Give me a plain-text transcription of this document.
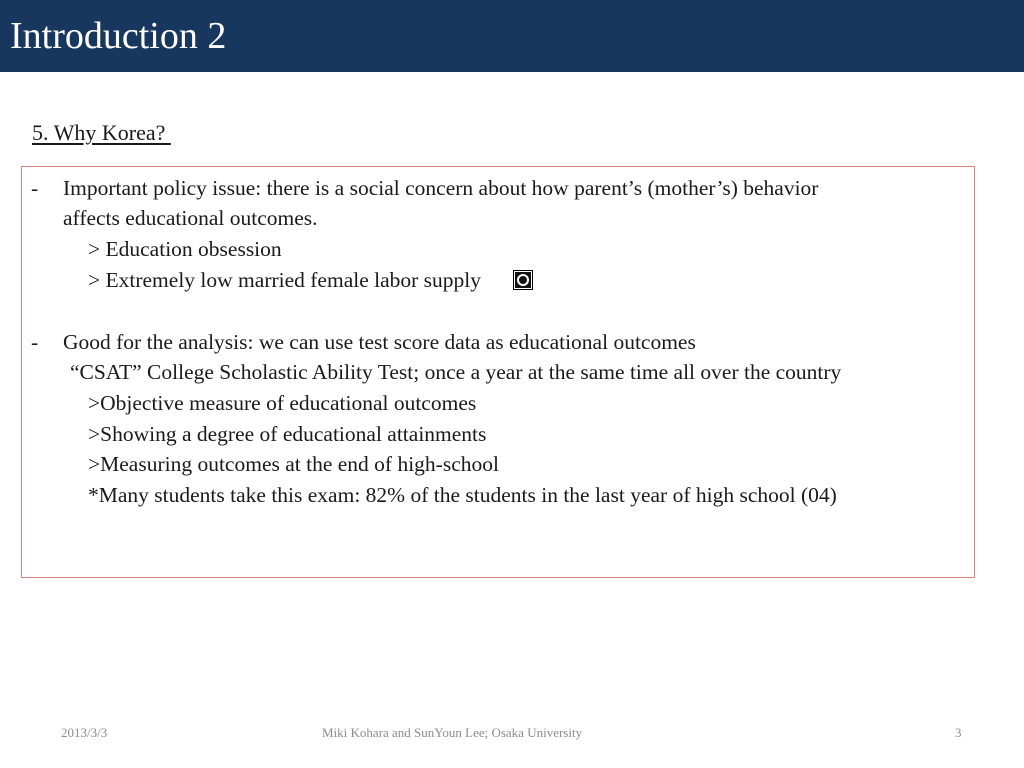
Introduction 2
5. Why Korea?
- Important policy issue: there is a social concern about how parent’s (mother’s) behavior
affects educational outcomes.
> Education obsession
> Extremely low married female labor supply
- Good for the analysis: we can use test score data as educational outcomes
“CSAT” College Scholastic Ability Test; once a year at the same time all over the country
>Objective measure of educational outcomes
>Showing a degree of educational attainments
>Measuring outcomes at the end of high-school
*Many students take this exam: 82% of the students in the last year of high school (04)
2013/3/3	Miki Kohara and SunYoun Lee; Osaka University	3
